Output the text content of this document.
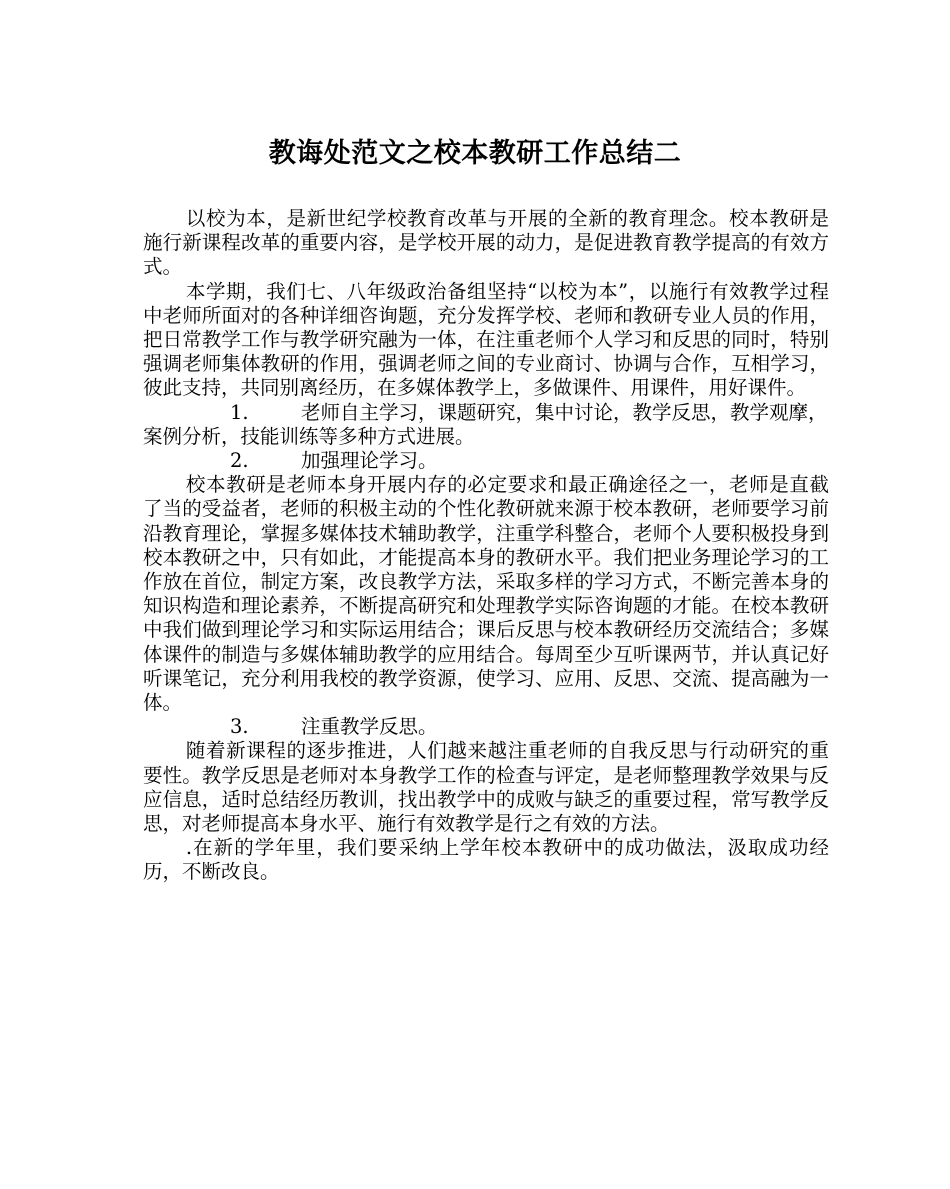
教诲处范文之校本教研工作总结二

以校为本，是新世纪学校教育改革与开展的全新的教育理念。校本教研是施行新课程改革的重要内容，是学校开展的动力，是促进教育教学提高的有效方式。

本学期，我们七、八年级政治备组坚持“以校为本”，以施行有效教学过程中老师所面对的各种详细咨询题，充分发挥学校、老师和教研专业人员的作用，把日常教学工作与教学研究融为一体，在注重老师个人学习和反思的同时，特别强调老师集体教研的作用，强调老师之间的专业商讨、协调与合作，互相学习，彼此支持，共同别离经历，在多媒体教学上，多做课件、用课件，用好课件。

1.	老师自主学习，课题研究，集中讨论，教学反思，教学观摩，案例分析，技能训练等多种方式进展。

2.	加强理论学习。

校本教研是老师本身开展内存的必定要求和最正确途径之一，老师是直截了当的受益者，老师的积极主动的个性化教研就来源于校本教研，老师要学习前沿教育理论，掌握多媒体技术辅助教学，注重学科整合，老师个人要积极投身到校本教研之中，只有如此，才能提高本身的教研水平。我们把业务理论学习的工作放在首位，制定方案，改良教学方法，采取多样的学习方式，不断完善本身的知识构造和理论素养，不断提高研究和处理教学实际咨询题的才能。在校本教研中我们做到理论学习和实际运用结合；课后反思与校本教研经历交流结合；多媒体课件的制造与多媒体辅助教学的应用结合。每周至少互听课两节，并认真记好听课笔记，充分利用我校的教学资源，使学习、应用、反思、交流、提高融为一体。

3.	注重教学反思。

随着新课程的逐步推进，人们越来越注重老师的自我反思与行动研究的重要性。教学反思是老师对本身教学工作的检查与评定，是老师整理教学效果与反应信息，适时总结经历教训，找出教学中的成败与缺乏的重要过程，常写教学反思，对老师提高本身水平、施行有效教学是行之有效的方法。

.在新的学年里，我们要采纳上学年校本教研中的成功做法，汲取成功经历，不断改良。
